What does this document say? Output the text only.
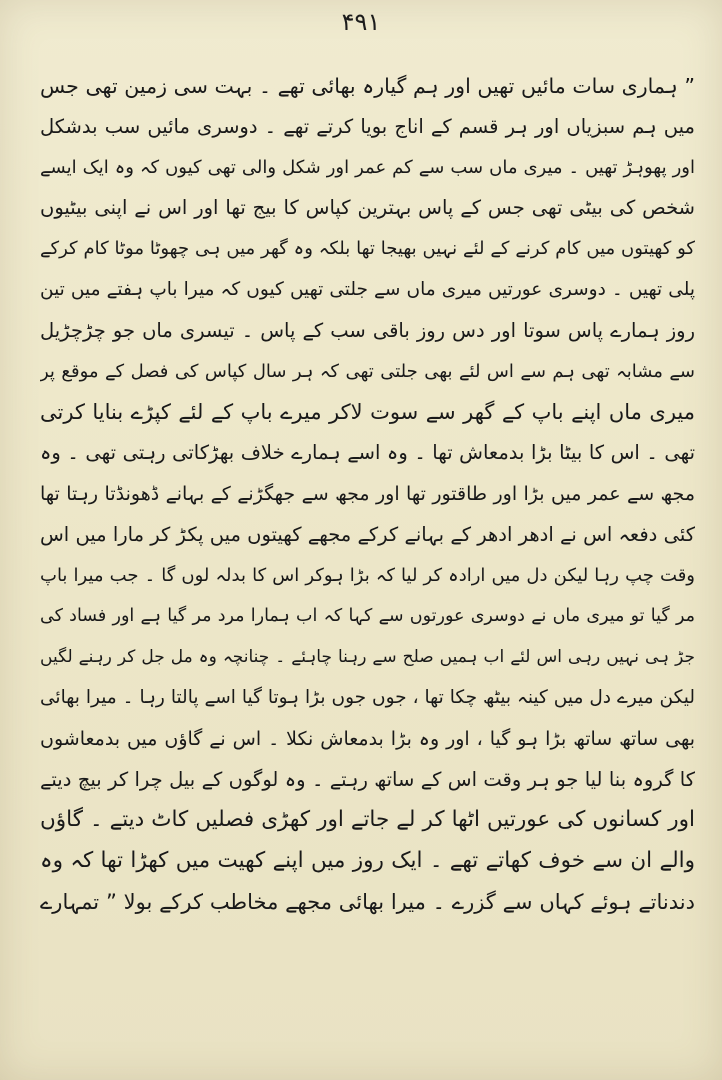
۴۹۱
” ہماری سات مائیں تھیں اور ہم گیارہ بھائی تھے ۔ بہت سی زمین تھی جس
میں ہم سبزیاں اور ہر قسم کے اناج بویا کرتے تھے ۔ دوسری مائیں سب بدشکل
اور پھوہڑ تھیں ۔ میری ماں سب سے کم عمر اور شکل والی تھی کیوں کہ وہ ایک ایسے
شخص کی بیٹی تھی جس کے پاس بہترین کپاس کا بیج تھا اور اس نے اپنی بیٹیوں
کو کھیتوں میں کام کرنے کے لئے نہیں بھیجا تھا بلکہ وہ گھر میں ہی چھوٹا موٹا کام کرکے
پلی تھیں ۔ دوسری عورتیں میری ماں سے جلتی تھیں کیوں کہ میرا باپ ہفتے میں تین
روز ہمارے پاس سوتا اور دس روز باقی سب کے پاس ۔ تیسری ماں جو چڑچڑیل
سے مشابہ تھی ہم سے اس لئے بھی جلتی تھی کہ ہر سال کپاس کی فصل کے موقع پر
میری ماں اپنے باپ کے گھر سے سوت لاکر میرے باپ کے لئے کپڑے بنایا کرتی
تھی ۔ اس کا بیٹا بڑا بدمعاش تھا ۔ وہ اسے ہمارے خلاف بھڑکاتی رہتی تھی ۔ وہ
مجھ سے عمر میں بڑا اور طاقتور تھا اور مجھ سے جھگڑنے کے بہانے ڈھونڈتا رہتا تھا
کئی دفعہ اس نے ادھر ادھر کے بہانے کرکے مجھے کھیتوں میں پکڑ کر مارا میں اس
وقت چپ رہا لیکن دل میں ارادہ کر لیا کہ بڑا ہوکر اس کا بدلہ لوں گا ۔ جب میرا باپ
مر گیا تو میری ماں نے دوسری عورتوں سے کہا کہ اب ہمارا مرد مر گیا ہے اور فساد کی
جڑ ہی نہیں رہی اس لئے اب ہمیں صلح سے رہنا چاہئے ۔ چنانچہ وہ مل جل کر رہنے لگیں
لیکن میرے دل میں کینہ بیٹھ چکا تھا ، جوں جوں بڑا ہوتا گیا اسے پالتا رہا ۔ میرا بھائی
بھی ساتھ ساتھ بڑا ہو گیا ، اور وہ بڑا بدمعاش نکلا ۔ اس نے گاؤں میں بدمعاشوں
کا گروہ بنا لیا جو ہر وقت اس کے ساتھ رہتے ۔ وہ لوگوں کے بیل چرا کر بیچ دیتے
اور کسانوں کی عورتیں اٹھا کر لے جاتے اور کھڑی فصلیں کاٹ دیتے ۔ گاؤں
والے ان سے خوف کھاتے تھے ۔ ایک روز میں اپنے کھیت میں کھڑا تھا کہ وہ
دندناتے ہوئے کہاں سے گزرے ۔ میرا بھائی مجھے مخاطب کرکے بولا ” تمہارے
